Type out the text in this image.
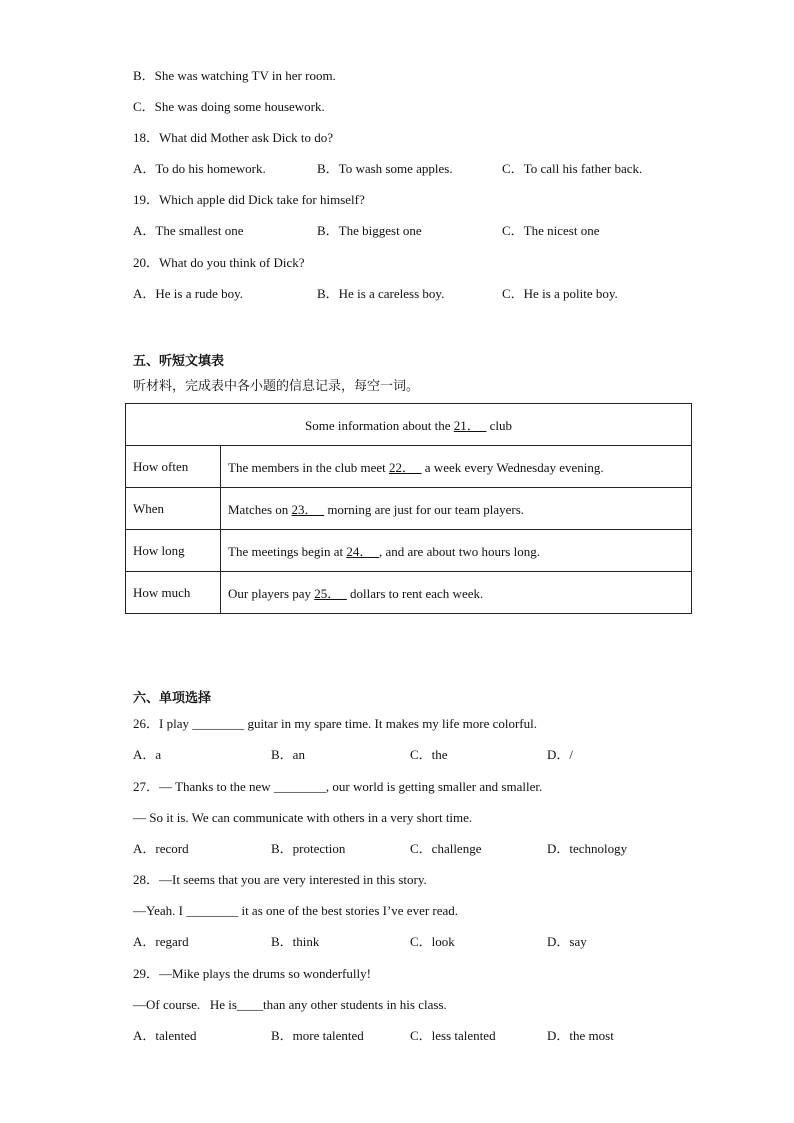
五、听短文填表
听材料，完成表中各小题的信息记录，每空一词。
Some information about the 21．_ club	
How often	The members in the club meet 22．_ a week every Wednesday evening.
When	Matches on 23．_ morning are just for our team players.
How long	The meetings begin at 24．_, and are about two hours long.
How much	Our players pay 25．_ dollars to rent each week.
六、单项选择
B．She was watching TV in her room.
C．She was doing some housework.
18．What did Mother ask Dick to do?
A．To do his homework.	B．To wash some apples.	C．To call his father back.
19．Which apple did Dick take for himself?
A．The smallest one	B．The biggest one	C．The nicest one
20．What do you think of Dick?
A．He is a rude boy.	B．He is a careless boy.	C．He is a polite boy.
26．I play ________ guitar in my spare time. It makes my life more colorful.
A．a	B．an	C．the	D．/
27．— Thanks to the new ________, our world is getting smaller and smaller.
— So it is. We can communicate with others in a very short time.
A．record	B．protection	C．challenge	D．technology
28．—It seems that you are very interested in this story.
—Yeah. I ________ it as one of the best stories I’ve ever read.
A．regard	B．think	C．look	D．say
29．—Mike plays the drums so wonderfully!
—Of course.   He is____than any other students in his class.
A．talented	B．more talented	C．less talented	D．the most
